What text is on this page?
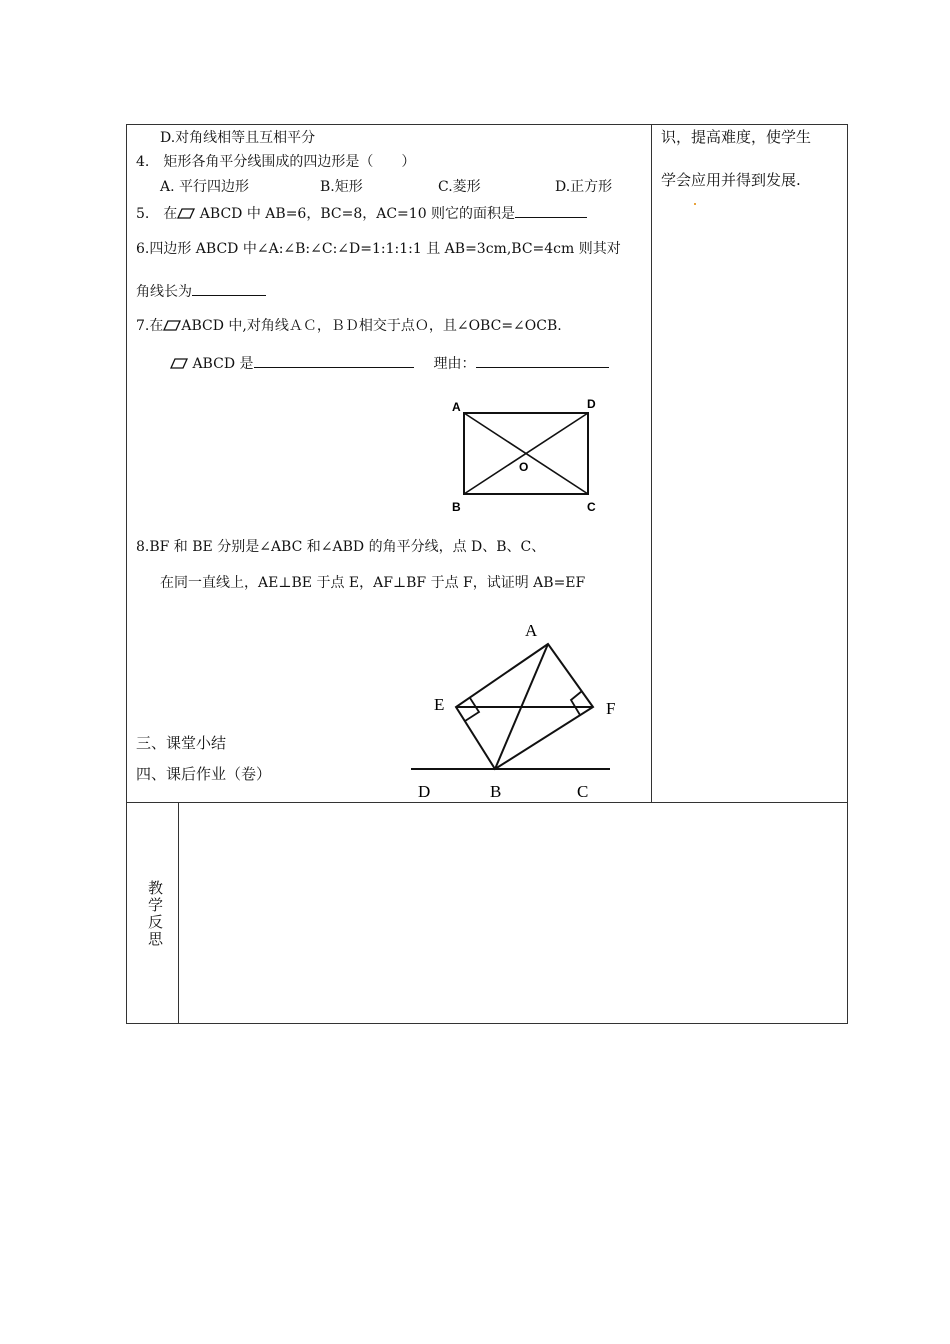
识，提高难度，使学生
学会应用并得到发展.
D.对角线相等且互相平分
4.　矩形各角平分线围成的四边形是（　　）
A. 平行四边形	B.矩形	C.菱形	D.正方形
5.　在 ABCD 中 AB=6，BC=8，AC=10 则它的面积是
6.四边形 ABCD 中∠A:∠B:∠C:∠D=1:1:1:1 且 AB=3cm,BC=4cm 则其对
角线长为
7.在 ABCD 中,对角线ＡＣ，ＢＤ相交于点Ｏ，且∠OBC=∠OCB.
ABCD 是	理由：
A	D
B	C
O
8.BF 和 BE 分别是∠ABC 和∠ABD 的角平分线，点 D、B、C、
在同一直线上，AE⊥BE 于点 E，AF⊥BF 于点 F，试证明 AB=EF
A
E	F
D	B	C
三、课堂小结
四、课后作业（卷）
教学反思
